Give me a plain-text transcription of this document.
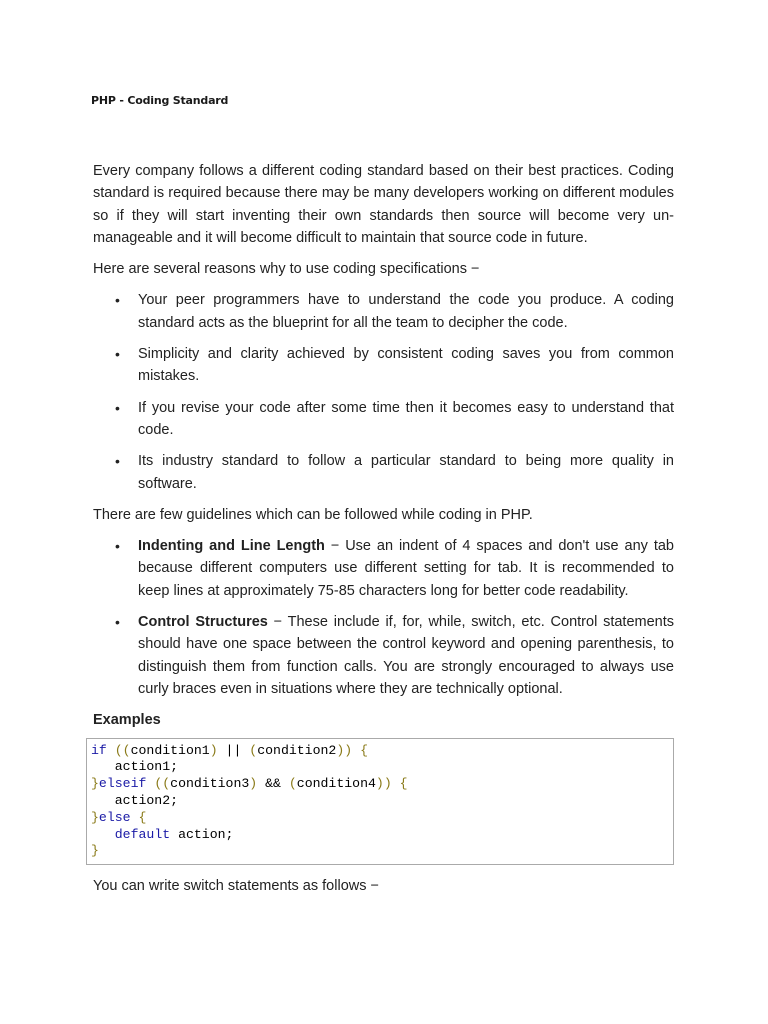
PHP - Coding Standard

Every company follows a different coding standard based on their best practices. Coding standard is required because there may be many developers working on different modules so if they will start inventing their own standards then source will become very un-manageable and it will become difficult to maintain that source code in future.

Here are several reasons why to use coding specifications −

• Your peer programmers have to understand the code you produce. A coding standard acts as the blueprint for all the team to decipher the code.
• Simplicity and clarity achieved by consistent coding saves you from common mistakes.
• If you revise your code after some time then it becomes easy to understand that code.
• Its industry standard to follow a particular standard to being more quality in software.

There are few guidelines which can be followed while coding in PHP.

• Indenting and Line Length − Use an indent of 4 spaces and don't use any tab because different computers use different setting for tab. It is recommended to keep lines at approximately 75-85 characters long for better code readability.
• Control Structures − These include if, for, while, switch, etc. Control statements should have one space between the control keyword and opening parenthesis, to distinguish them from function calls. You are strongly encouraged to always use curly braces even in situations where they are technically optional.
Examples
if ((condition1) || (condition2)) {
action1;
}elseif ((condition3) && (condition4)) {
action2;
}else {
default action;
}

You can write switch statements as follows −
